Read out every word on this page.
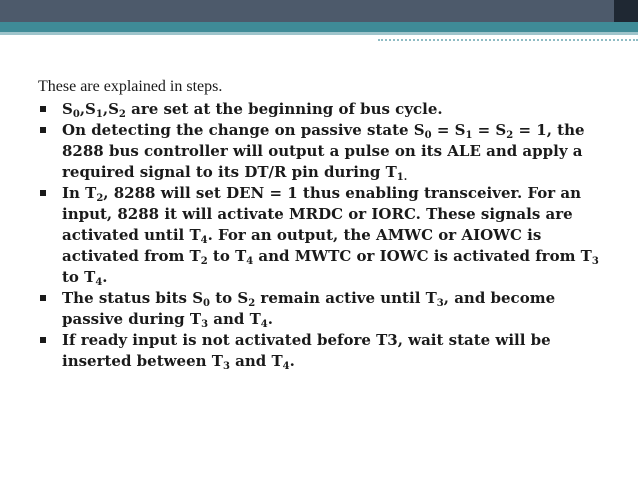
These are explained in steps.

$S_0,S_1,S_2$ are set at the beginning of bus cycle.
On detecting the change on passive state $S_0 = S_1 = S_2 = 1$, the 8288 bus controller will output a pulse on its ALE and apply a required signal to its DT/R pin during $T_{1.}$
In $T_2$, 8288 will set DEN = 1 thus enabling transceiver. For an input, 8288 it will activate MRDC or IORC. These signals are activated until $T_4$. For an output, the AMWC or AIOWC is activated from $T_2$ to $T_4$ and MWTC or IOWC is activated from $T_3$ to $T_4$.
The status bits $S_0$ to $S_2$ remain active until $T_3$, and become passive during $T_3$ and $T_4$.
If ready input is not activated before T3, wait state will be inserted between $T_3$ and $T_4$.
